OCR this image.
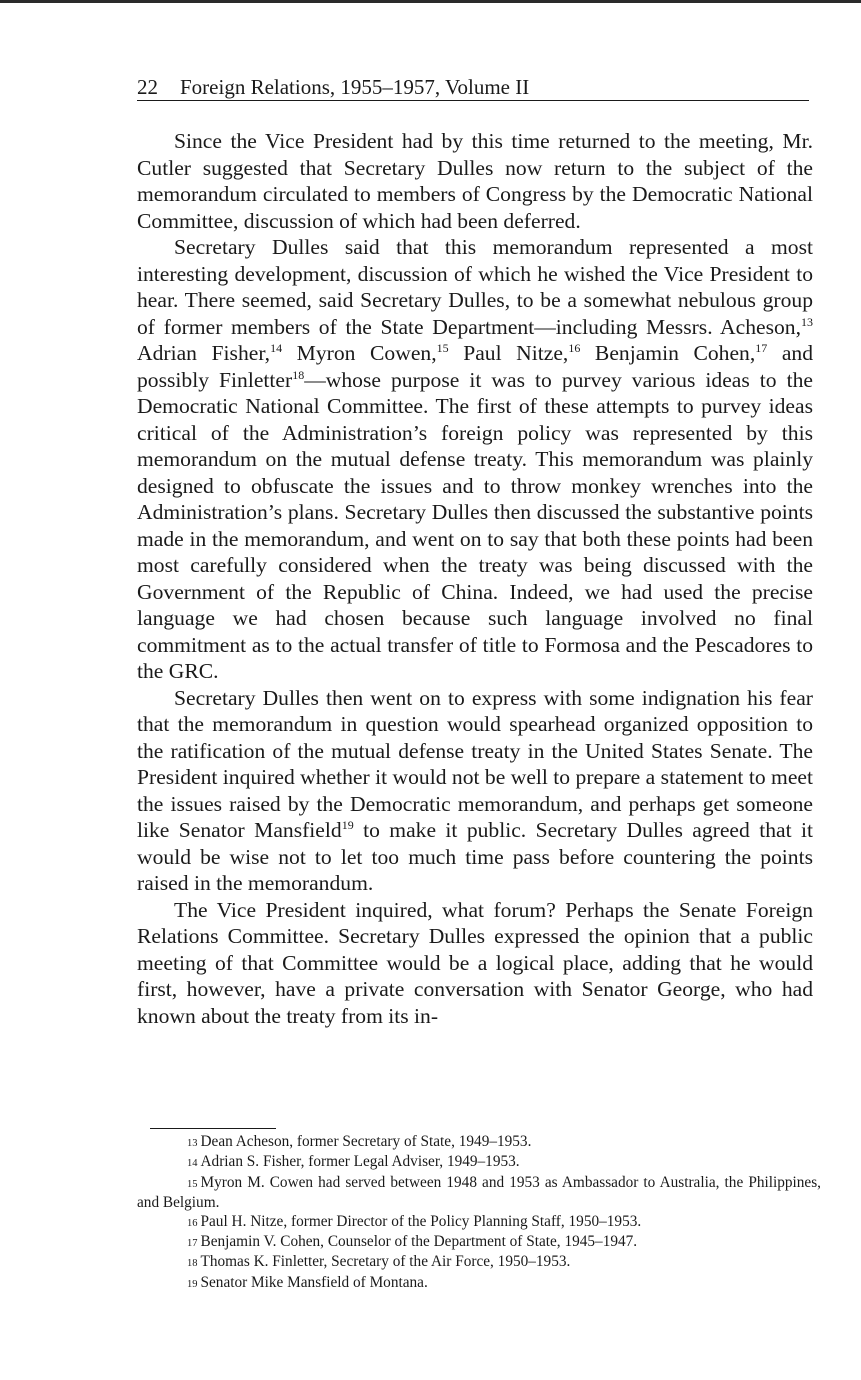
22 Foreign Relations, 1955–1957, Volume II

Since the Vice President had by this time returned to the meeting, Mr. Cutler suggested that Secretary Dulles now return to the subject of the memorandum circulated to members of Congress by the Democratic National Committee, discussion of which had been deferred.

Secretary Dulles said that this memorandum represented a most interesting development, discussion of which he wished the Vice President to hear. There seemed, said Secretary Dulles, to be a somewhat nebulous group of former members of the State Department—including Messrs. Acheson,$^{13}$ Adrian Fisher,$^{14}$ Myron Cowen,$^{15}$ Paul Nitze,$^{16}$ Benjamin Cohen,$^{17}$ and possibly Finletter$^{18}$—whose purpose it was to purvey various ideas to the Democratic National Committee. The first of these attempts to purvey ideas critical of the Administration’s foreign policy was represented by this memorandum on the mutual defense treaty. This memorandum was plainly designed to obfuscate the issues and to throw monkey wrenches into the Administration’s plans. Secretary Dulles then discussed the substantive points made in the memorandum, and went on to say that both these points had been most carefully considered when the treaty was being discussed with the Government of the Republic of China. Indeed, we had used the precise language we had chosen because such language involved no final commitment as to the actual transfer of title to Formosa and the Pescadores to the GRC.

Secretary Dulles then went on to express with some indignation his fear that the memorandum in question would spearhead organized opposition to the ratification of the mutual defense treaty in the United States Senate. The President inquired whether it would not be well to prepare a statement to meet the issues raised by the Democratic memorandum, and perhaps get someone like Senator Mansfield$^{19}$ to make it public. Secretary Dulles agreed that it would be wise not to let too much time pass before countering the points raised in the memorandum.

The Vice President inquired, what forum? Perhaps the Senate Foreign Relations Committee. Secretary Dulles expressed the opinion that a public meeting of that Committee would be a logical place, adding that he would first, however, have a private conversation with Senator George, who had known about the treaty from its in-

13 Dean Acheson, former Secretary of State, 1949–1953.

14 Adrian S. Fisher, former Legal Adviser, 1949–1953.

15 Myron M. Cowen had served between 1948 and 1953 as Ambassador to Australia, the Philippines, and Belgium.

16 Paul H. Nitze, former Director of the Policy Planning Staff, 1950–1953.

17 Benjamin V. Cohen, Counselor of the Department of State, 1945–1947.

18 Thomas K. Finletter, Secretary of the Air Force, 1950–1953.

19 Senator Mike Mansfield of Montana.
